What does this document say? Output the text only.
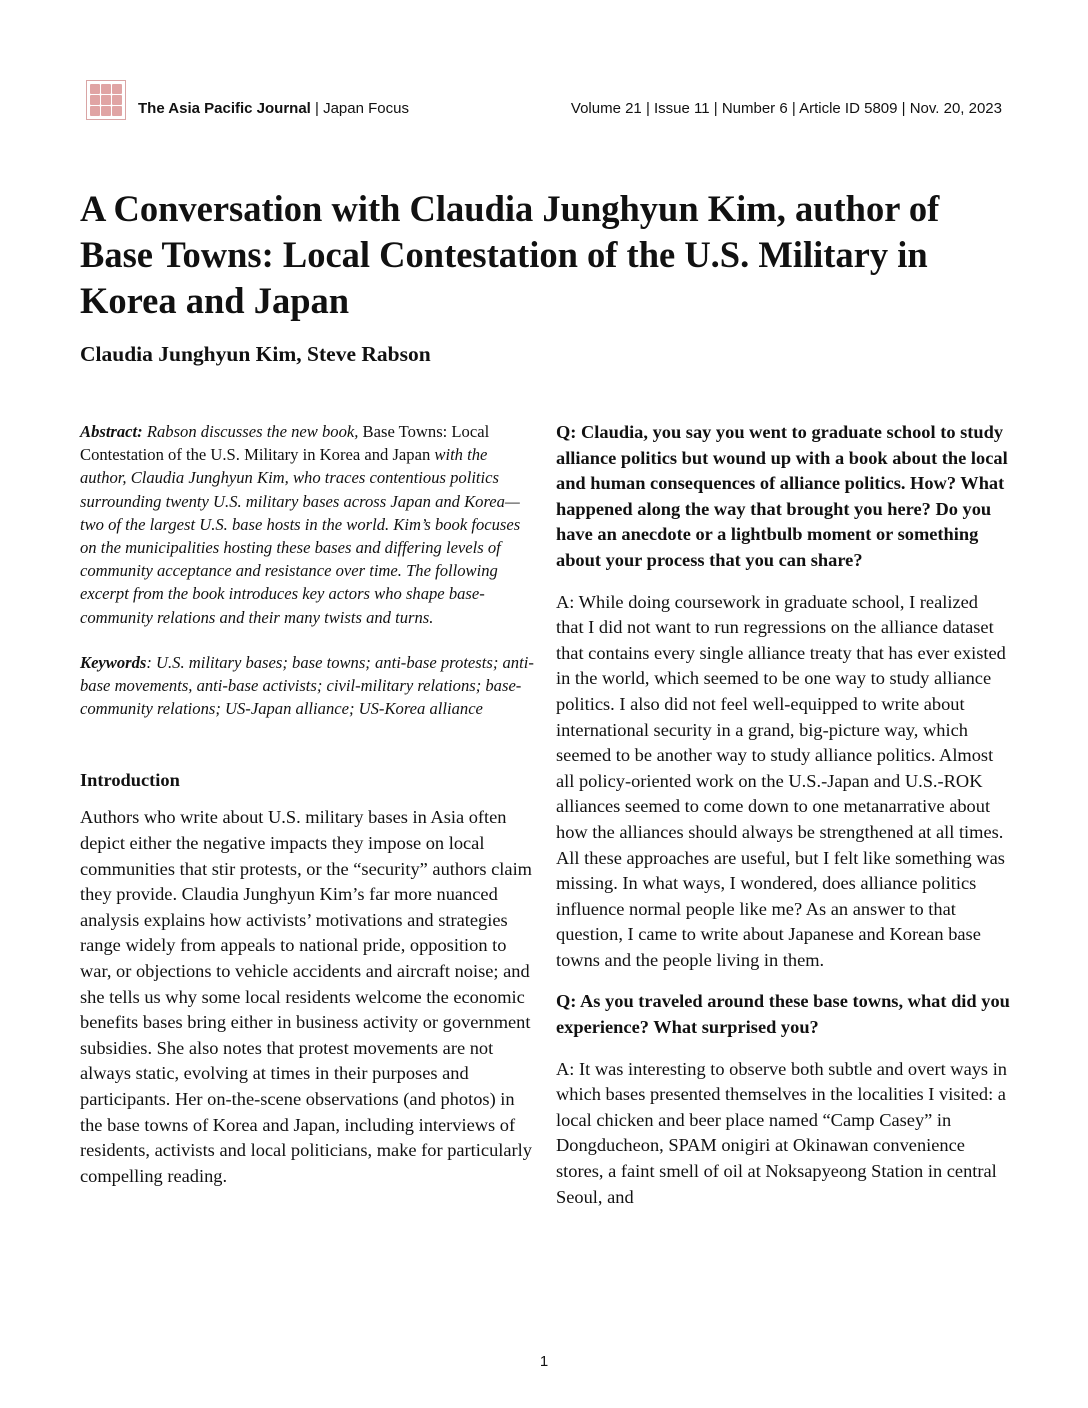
The Asia Pacific Journal | Japan Focus	Volume 21 | Issue 11 | Number 6 | Article ID 5809 | Nov. 20, 2023
A Conversation with Claudia Junghyun Kim, author of Base Towns: Local Contestation of the U.S. Military in Korea and Japan
Claudia Junghyun Kim, Steve Rabson

Abstract: Rabson discusses the new book, Base Towns: Local Contestation of the U.S. Military in Korea and Japan with the author, Claudia Junghyun Kim, who traces contentious politics surrounding twenty U.S. military bases across Japan and Korea—two of the largest U.S. base hosts in the world. Kim’s book focuses on the municipalities hosting these bases and differing levels of community acceptance and resistance over time. The following excerpt from the book introduces key actors who shape base-community relations and their many twists and turns.

Keywords: U.S. military bases; base towns; anti-base protests; anti-base movements, anti-base activists; civil-military relations; base-community relations; US-Japan alliance; US-Korea alliance

Introduction

Authors who write about U.S. military bases in Asia often depict either the negative impacts they impose on local communities that stir protests, or the “security” authors claim they provide. Claudia Junghyun Kim’s far more nuanced analysis explains how activists’ motivations and strategies range widely from appeals to national pride, opposition to war, or objections to vehicle accidents and aircraft noise; and she tells us why some local residents welcome the economic benefits bases bring either in business activity or government subsidies. She also notes that protest movements are not always static, evolving at times in their purposes and participants. Her on-the-scene observations (and photos) in the base towns of Korea and Japan, including interviews of residents, activists and local politicians, make for particularly compelling reading.

Q: Claudia, you say you went to graduate school to study alliance politics but wound up with a book about the local and human consequences of alliance politics. How? What happened along the way that brought you here? Do you have an anecdote or a lightbulb moment or something about your process that you can share?

A: While doing coursework in graduate school, I realized that I did not want to run regressions on the alliance dataset that contains every single alliance treaty that has ever existed in the world, which seemed to be one way to study alliance politics. I also did not feel well-equipped to write about international security in a grand, big-picture way, which seemed to be another way to study alliance politics. Almost all policy-oriented work on the U.S.-Japan and U.S.-ROK alliances seemed to come down to one metanarrative about how the alliances should always be strengthened at all times. All these approaches are useful, but I felt like something was missing. In what ways, I wondered, does alliance politics influence normal people like me? As an answer to that question, I came to write about Japanese and Korean base towns and the people living in them.

Q: As you traveled around these base towns, what did you experience? What surprised you?

A: It was interesting to observe both subtle and overt ways in which bases presented themselves in the localities I visited: a local chicken and beer place named “Camp Casey” in Dongducheon, SPAM onigiri at Okinawan convenience stores, a faint smell of oil at Noksapyeong Station in central Seoul, and

1
